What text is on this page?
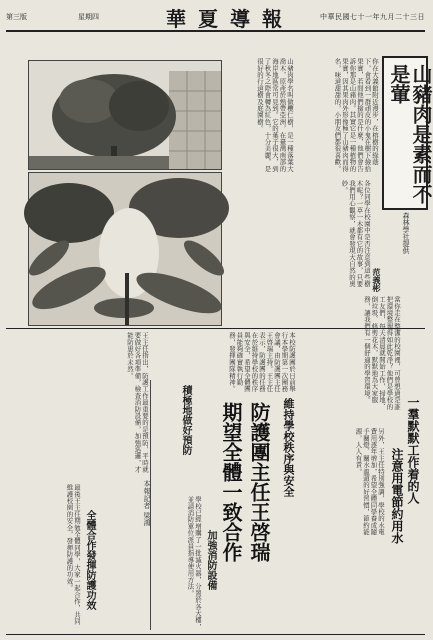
第三版	星期四	華夏導報	中華民國七十一年九月二十三日
山豬肉是素而不是葷
森林學社提供
范義彬
你在大義館附近漫步，在榕樹的綠蔭下，會看到一群頑皮的小鬼在樹下撿拾果實，若問他們撿的是什麼，他們會告訴你那是山豬肉。其實它是一種植物的果實，因其果肉外形像極了山豬肉而得名，味道甜甜的，小朋友們都很喜歡。
山豬肉學名叫做欖仁樹，是一種落葉大喬木，原產於熱帶亞洲，在臺灣南部的海岸地區常可見到。它的葉子很大，到了秋冬之際會轉為紅色，十分美麗，是很好的行道樹及庭園樹。
各位同學在校園中是否注意到這些樹木呢？一草一木都有它的故事，只要我們用心觀察，就會發現大自然的奧妙。
一羣默默工作着的人
當你走在整潔的校園裡，可曾想過是誰把環境整理得如此乾淨？他們是學校的工友們，每天清晨就開始工作，掃地、倒垃圾、修剪花木，默默地為大家服務，讓我們有一個舒適的學習環境。
注意用電節約用水
另外，王主任特別強調，學校的水電費用逐年增加，希望全體同學養成隨手關燈、關水龍頭的好習慣，節約能源，人人有責。
維持學校秩序與安全
防護團主任王啓瑞
期望全體一致合作
本報記者 梁鴻
本校防護團於日前舉行本學期第一次團務會議，由防護團主任王啓瑞主持。王主任表示，防護團的任務在於維持學校的秩序與安全，希望全體團員能夠確實執行勤務，發揮團隊精神。
積極地做好預防
王主任指出，防護工作最重要的是預防，平時就要做好各項準備，檢查消防設備，加強巡邏，才能防患於未然。
加強消防設備
學校已經增購了一批滅火器，分置於各大樓，並請消防單位派員指導使用方法。
全體合作發揮防護功效
最後王主任期勉全體同學，大家一起合作，共同維護校園的安全，發揮防護的功效。
